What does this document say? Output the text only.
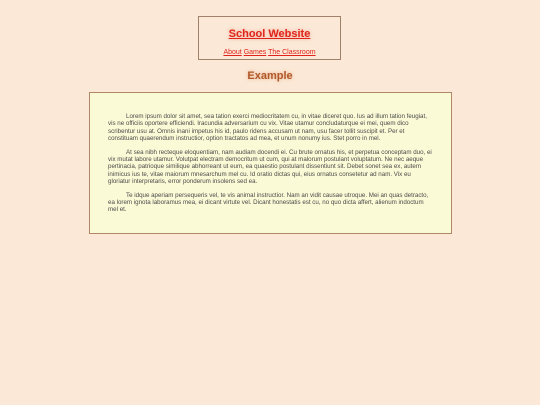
School Website
About Games The Classroom
Example

Lorem ipsum dolor sit amet, sea tation exerci mediocritatem cu, in vitae diceret quo. Ius ad illum tation feugiat, vis ne officiis oportere efficiendi. Iracundia adversarium cu vix. Vitae utamur concludaturque ei mei, quem dico scribentur usu at. Omnis inani impetus his id, paulo ridens accusam ut nam, usu facer tollit suscipit et. Per et constituam quaerendum instructior, option tractatos ad mea, et unum nonumy ius. Stet porro in mel.

At sea nibh recteque eloquentiam, nam audiam docendi ei. Cu brute ornatus his, et perpetua conceptam duo, ei vix mutat labore utamur. Volutpat electram democritum ut cum, qui at malorum postulant voluptatum. Ne nec aeque pertinacia, patrioque similique abhorreant ut eum, ea quaestio postulant dissentiunt sit. Debet sonet sea ex, autem inimicus ius te, vitae maiorum mnesarchum mel cu. Id oratio dictas qui, eius ornatus consetetur ad nam. Vix eu gloriatur interpretaris, error ponderum insolens sed ea.

Te idque aperiam persequeris vel, te vis animal instructior. Nam an vidit causae utroque. Mei an quas detracto, ea lorem ignota laboramus mea, ei dicant virtute vel. Dicant honestatis est cu, no quo dicta affert, alienum indoctum mel et.
